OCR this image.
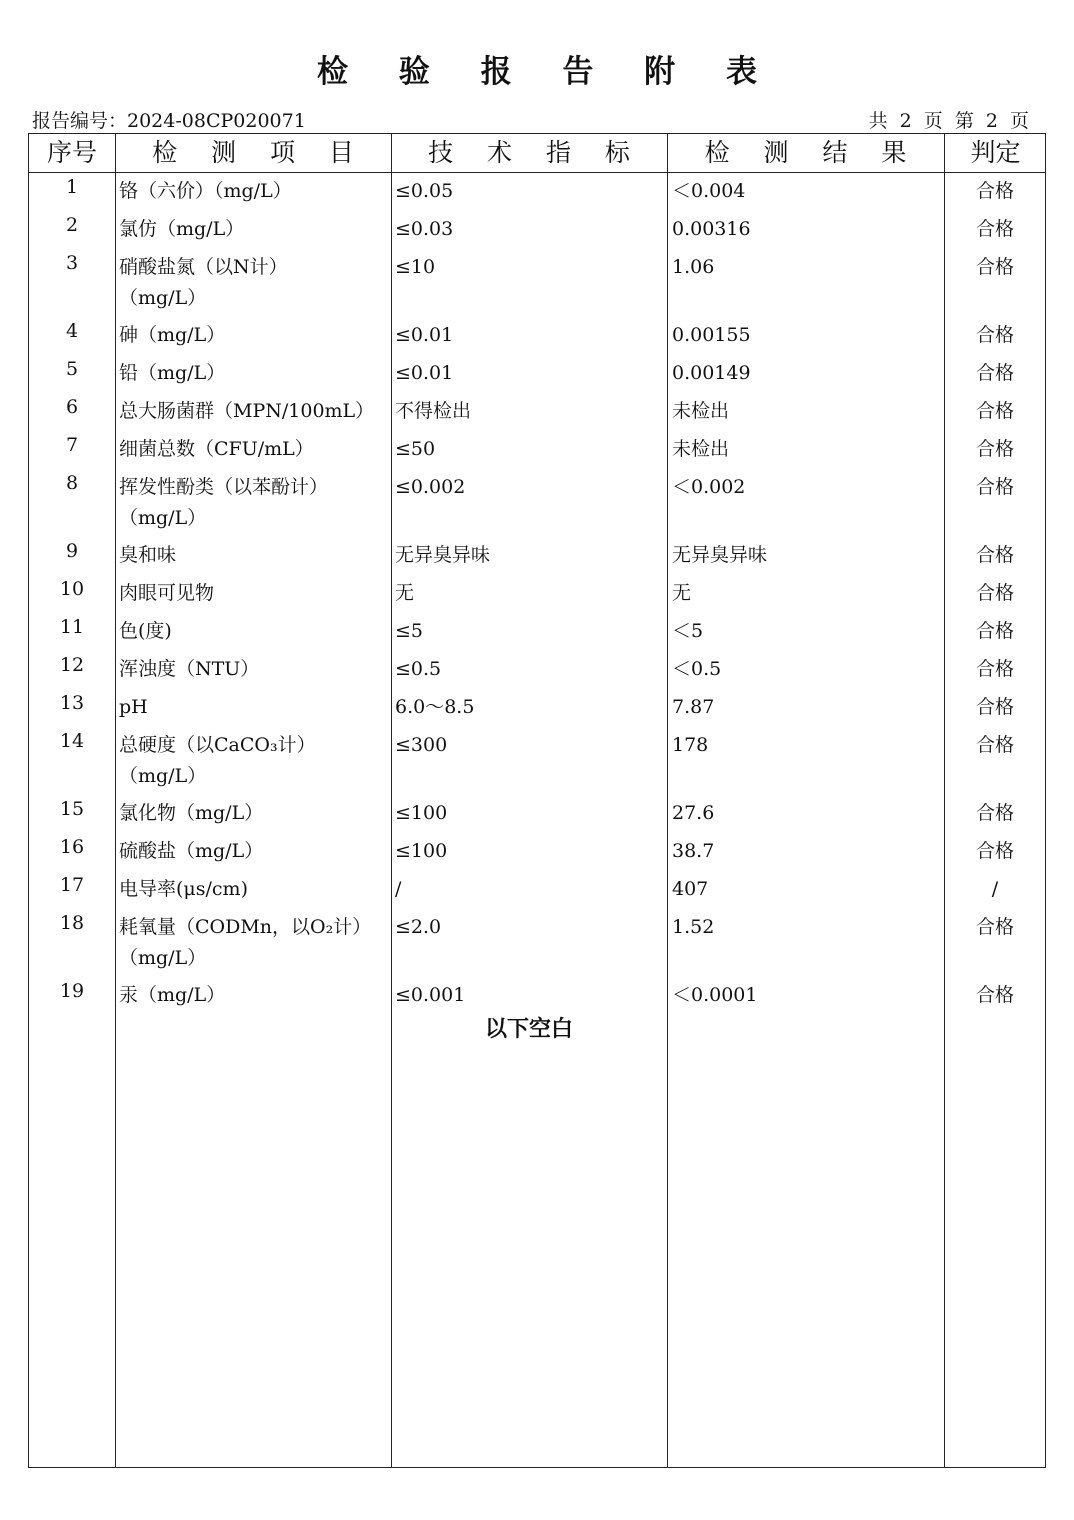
检 验 报 告 附 表
报告编号：2024-08CP020071	共 2 页 第 2 页
序号	检 测 项 目	技 术 指 标	检 测 结 果	判定
1	铬（六价）（mg/L）	≤0.05	＜0.004	合格
2	氯仿（mg/L）	≤0.03	0.00316	合格
3	硝酸盐氮（以N计）	≤10	1.06	合格
（mg/L）
4	砷（mg/L）	≤0.01	0.00155	合格
5	铅（mg/L）	≤0.01	0.00149	合格
6	总大肠菌群（MPN/100mL）	不得检出	未检出	合格
7	细菌总数（CFU/mL）	≤50	未检出	合格
8	挥发性酚类（以苯酚计）	≤0.002	＜0.002	合格
（mg/L）
9	臭和味	无异臭异味	无异臭异味	合格
10	肉眼可见物	无	无	合格
11	色(度)	≤5	＜5	合格
12	浑浊度（NTU）	≤0.5	＜0.5	合格
13	pH	6.0～8.5	7.87	合格
14	总硬度（以CaCO₃计）	≤300	178	合格
（mg/L）
15	氯化物（mg/L）	≤100	27.6	合格
16	硫酸盐（mg/L）	≤100	38.7	合格
17	电导率(μs/cm)	/	407	/
18	耗氧量（CODMn，以O₂计）	≤2.0	1.52	合格
（mg/L）
19	汞（mg/L）	≤0.001	＜0.0001	合格
以下空白
